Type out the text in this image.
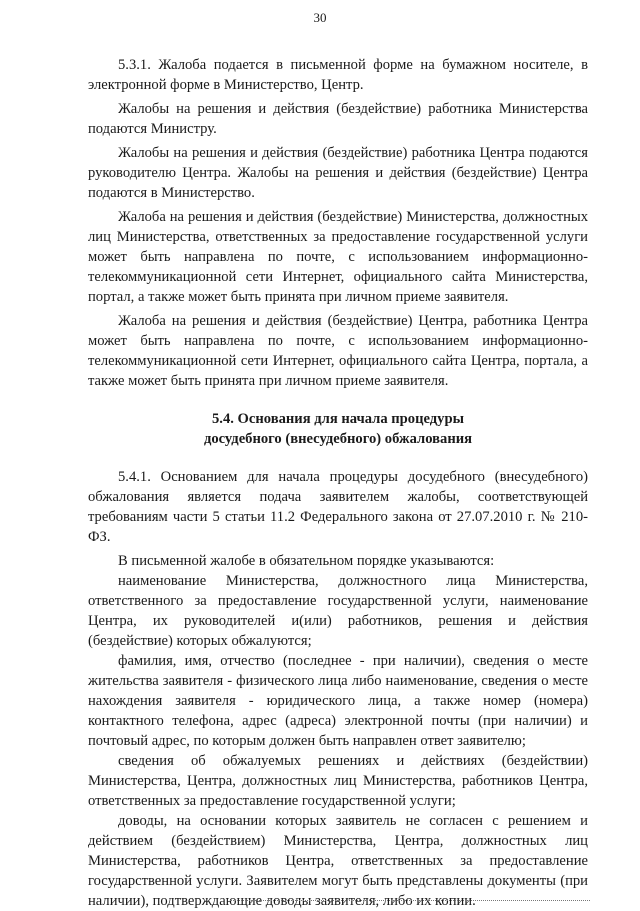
30

5.3.1. Жалоба подается в письменной форме на бумажном носителе, в электронной форме в Министерство, Центр.

Жалобы на решения и действия (бездействие) работника Министерства подаются Министру.

Жалобы на решения и действия (бездействие) работника Центра подаются руководителю Центра. Жалобы на решения и действия (бездействие) Центра подаются в Министерство.

Жалоба на решения и действия (бездействие) Министерства, должностных лиц Министерства, ответственных за предоставление государственной услуги может быть направлена по почте, с использованием информационно-телекоммуникационной сети Интернет, официального сайта Министерства, портал, а также может быть принята при личном приеме заявителя.

Жалоба на решения и действия (бездействие) Центра, работника Центра может быть направлена по почте, с использованием информационно-телекоммуникационной сети Интернет, официального сайта Центра, портала, а также может быть принята при личном приеме заявителя.

5.4. Основания для начала процедуры
досудебного (внесудебного) обжалования

5.4.1. Основанием для начала процедуры досудебного (внесудебного) обжалования является подача заявителем жалобы, соответствующей требованиям части 5 статьи 11.2 Федерального закона от 27.07.2010 г. № 210-ФЗ.

В письменной жалобе в обязательном порядке указываются:

наименование Министерства, должностного лица Министерства, ответственного за предоставление государственной услуги, наименование Центра, их руководителей и(или) работников, решения и действия (бездействие) которых обжалуются;

фамилия, имя, отчество (последнее - при наличии), сведения о месте жительства заявителя - физического лица либо наименование, сведения о месте нахождения заявителя - юридического лица, а также номер (номера) контактного телефона, адрес (адреса) электронной почты (при наличии) и почтовый адрес, по которым должен быть направлен ответ заявителю;

сведения об обжалуемых решениях и действиях (бездействии) Министерства, Центра, должностных лиц Министерства, работников Центра, ответственных за предоставление государственной услуги;

доводы, на основании которых заявитель не согласен с решением и действием (бездействием) Министерства, Центра, должностных лиц Министерства, работников Центра, ответственных за предоставление государственной услуги. Заявителем могут быть представлены документы (при наличии), подтверждающие доводы заявителя, либо их копии.
